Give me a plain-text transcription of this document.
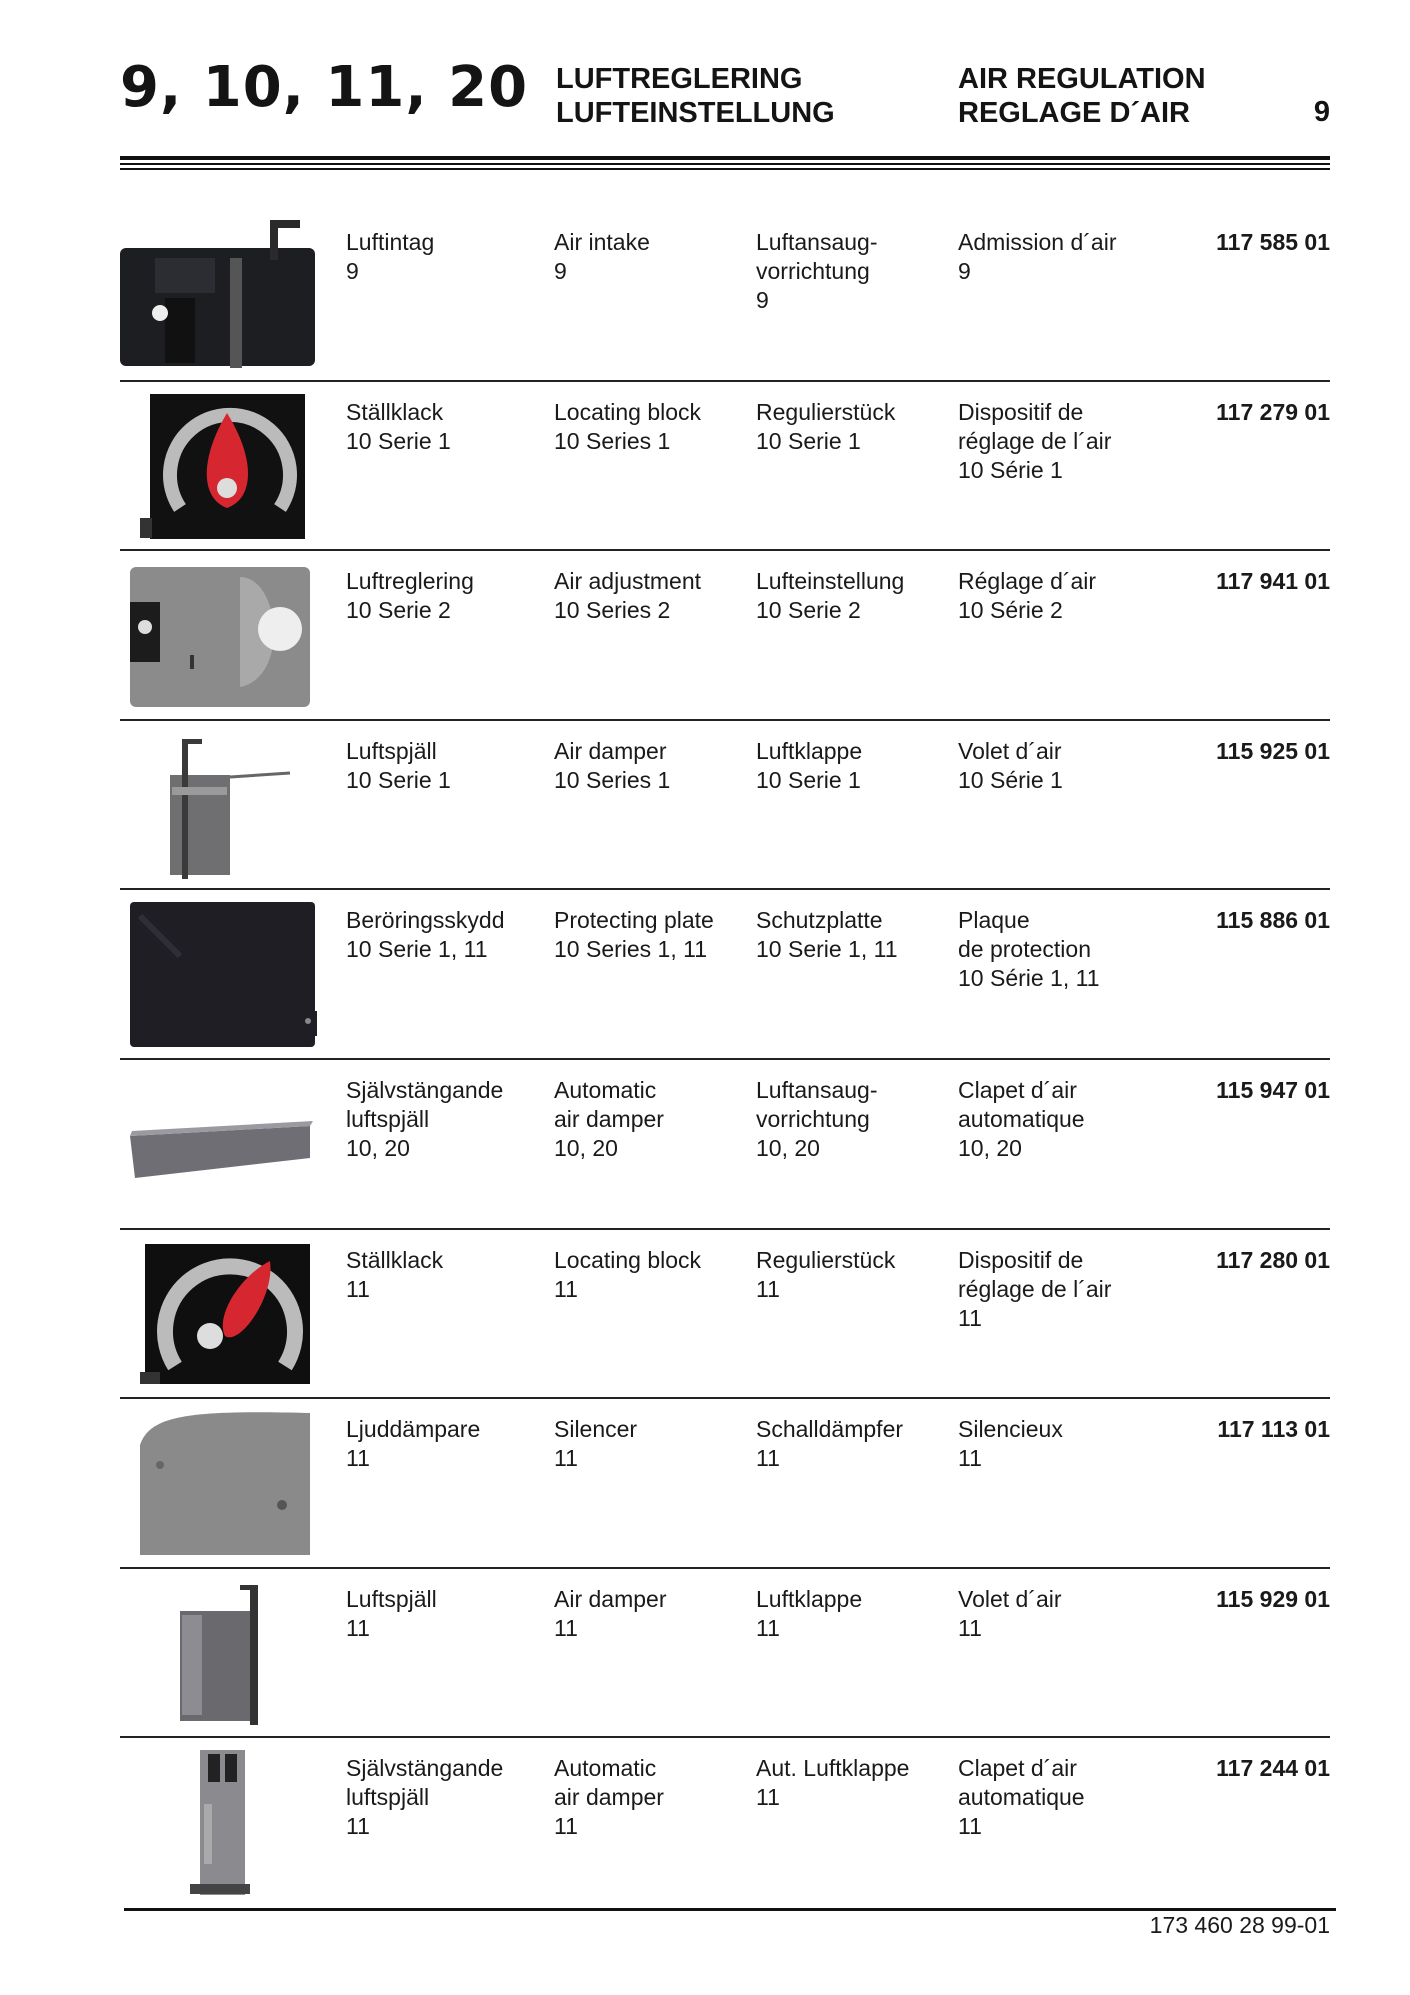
9, 10, 11, 20 LUFTREGLERING
LUFTEINSTELLUNG
AIR REGULATION
REGLAGE D´AIR	9
Luftintag
9
Air intake
9
Luftansaug-
vorrichtung
9
Admission d´air
9
117 585 01
Ställklack
10 Serie 1
Locating block
10 Series 1
Regulierstück
10 Serie 1
Dispositif de
réglage de l´air
10 Série 1
117 279 01
Luftreglering
10 Serie 2
Air adjustment
10 Series 2
Lufteinstellung
10 Serie 2
Réglage d´air
10 Série 2
117 941 01
Luftspjäll
10 Serie 1
Air damper
10 Series 1
Luftklappe
10 Serie 1
Volet d´air
10 Série 1
115 925 01
Beröringsskydd
10 Serie 1, 11
Protecting plate
10 Series 1, 11
Schutzplatte
10 Serie 1, 11
Plaque
de protection
10 Série 1, 11
115 886 01
Självstängande
luftspjäll
10, 20
Automatic
air damper
10, 20
Luftansaug-
vorrichtung
10, 20
Clapet d´air
automatique
10, 20
115 947 01
Ställklack
11
Locating block
11
Regulierstück
11
Dispositif de
réglage de l´air
11
117 280 01
Ljuddämpare
11
Silencer
11
Schalldämpfer
11
Silencieux
11
117 113 01
Luftspjäll
11
Air damper
11
Luftklappe
11
Volet d´air
11
115 929 01
Självstängande
luftspjäll
11
Automatic
air damper
11
Aut. Luftklappe
11
Clapet d´air
automatique
11
117 244 01
173 460 28 99-01
